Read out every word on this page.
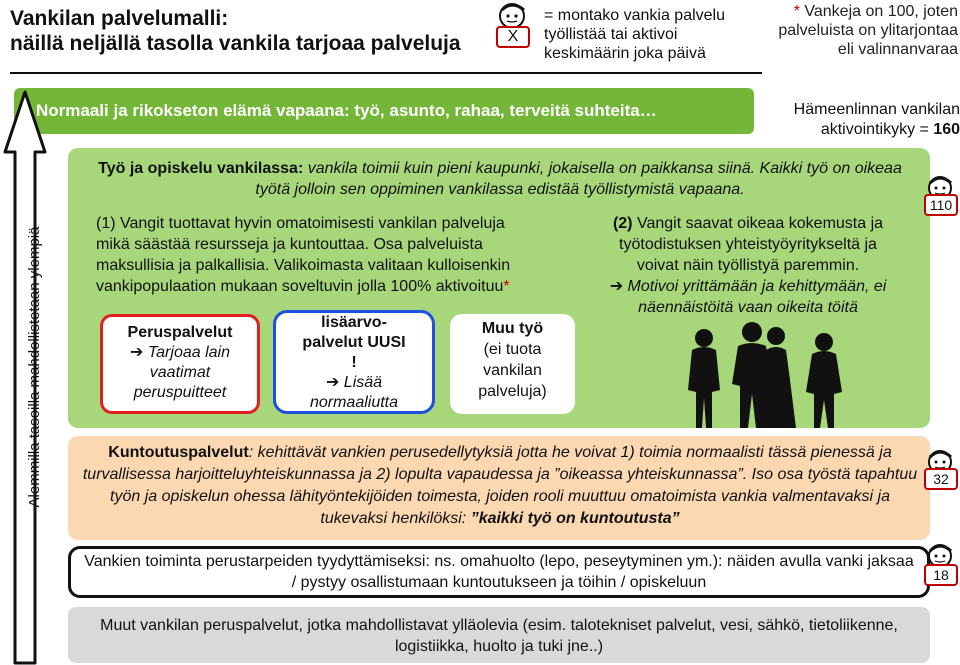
Vankilan palvelumalli:
näillä neljällä tasolla vankila tarjoaa palveluja	X
= montako vankia palvelu työllistää tai aktivoi keskimäärin joka päivä
* Vankeja on 100, joten palveluista on ylitarjontaa eli valinnanvaraa
Normaali ja rikokseton elämä vapaana: työ, asunto, rahaa, terveitä suhteita…	Hämeenlinnan vankilan
aktivointikyky = 160
Alemmilla tasoilla mahdollistetaan ylempiä
Työ ja opiskelu vankilassa: vankila toimii kuin pieni kaupunki, jokaisella on paikkansa siinä. Kaikki työ on oikeaa työtä jolloin sen oppiminen vankilassa edistää työllistymistä vapaana.
(1) Vangit tuottavat hyvin omatoimisesti vankilan palveluja
mikä säästää resursseja ja kuntouttaa. Osa palveluista
maksullisia ja palkallisia. Valikoimasta valitaan kulloisenkin
vankipopulaation mukaan soveltuvin jolla 100% aktivoituu*
(2) Vangit saavat oikeaa kokemusta ja
työtodistuksen yhteistyöyritykseltä ja
voivat näin työllistyä paremmin.
➔ Motivoi yrittämään ja kehittymään, ei
näennäistöitä vaan oikeita töitä
Peruspalvelut
➔ Tarjoaa lain
vaatimat
peruspuitteet
lisäarvo-
palvelut UUSI
!
➔ Lisää
normaaliutta
Muu työ
(ei tuota
vankilan
palveluja)
110
Kuntoutuspalvelut: kehittävät vankien perusedellytyksiä jotta he voivat 1) toimia normaalisti tässä pienessä ja turvallisessa harjoitteluyhteiskunnassa ja 2) lopulta vapaudessa ja ”oikeassa yhteiskunnassa”. Iso osa työstä tapahtuu työn ja opiskelun ohessa lähityöntekijöiden toimesta, joiden rooli muuttuu omatoimista vankia valmentavaksi ja tukevaksi henkilöksi: ”kaikki työ on kuntoutusta”
32
Vankien toiminta perustarpeiden tyydyttämiseksi: ns. omahuolto (lepo, peseytyminen ym.): näiden avulla vanki jaksaa / pystyy osallistumaan kuntoutukseen ja töihin / opiskeluun	18
Muut vankilan peruspalvelut, jotka mahdollistavat ylläolevia (esim. talotekniset palvelut, vesi, sähkö, tietoliikenne, logistiikka, huolto ja tuki jne..)
